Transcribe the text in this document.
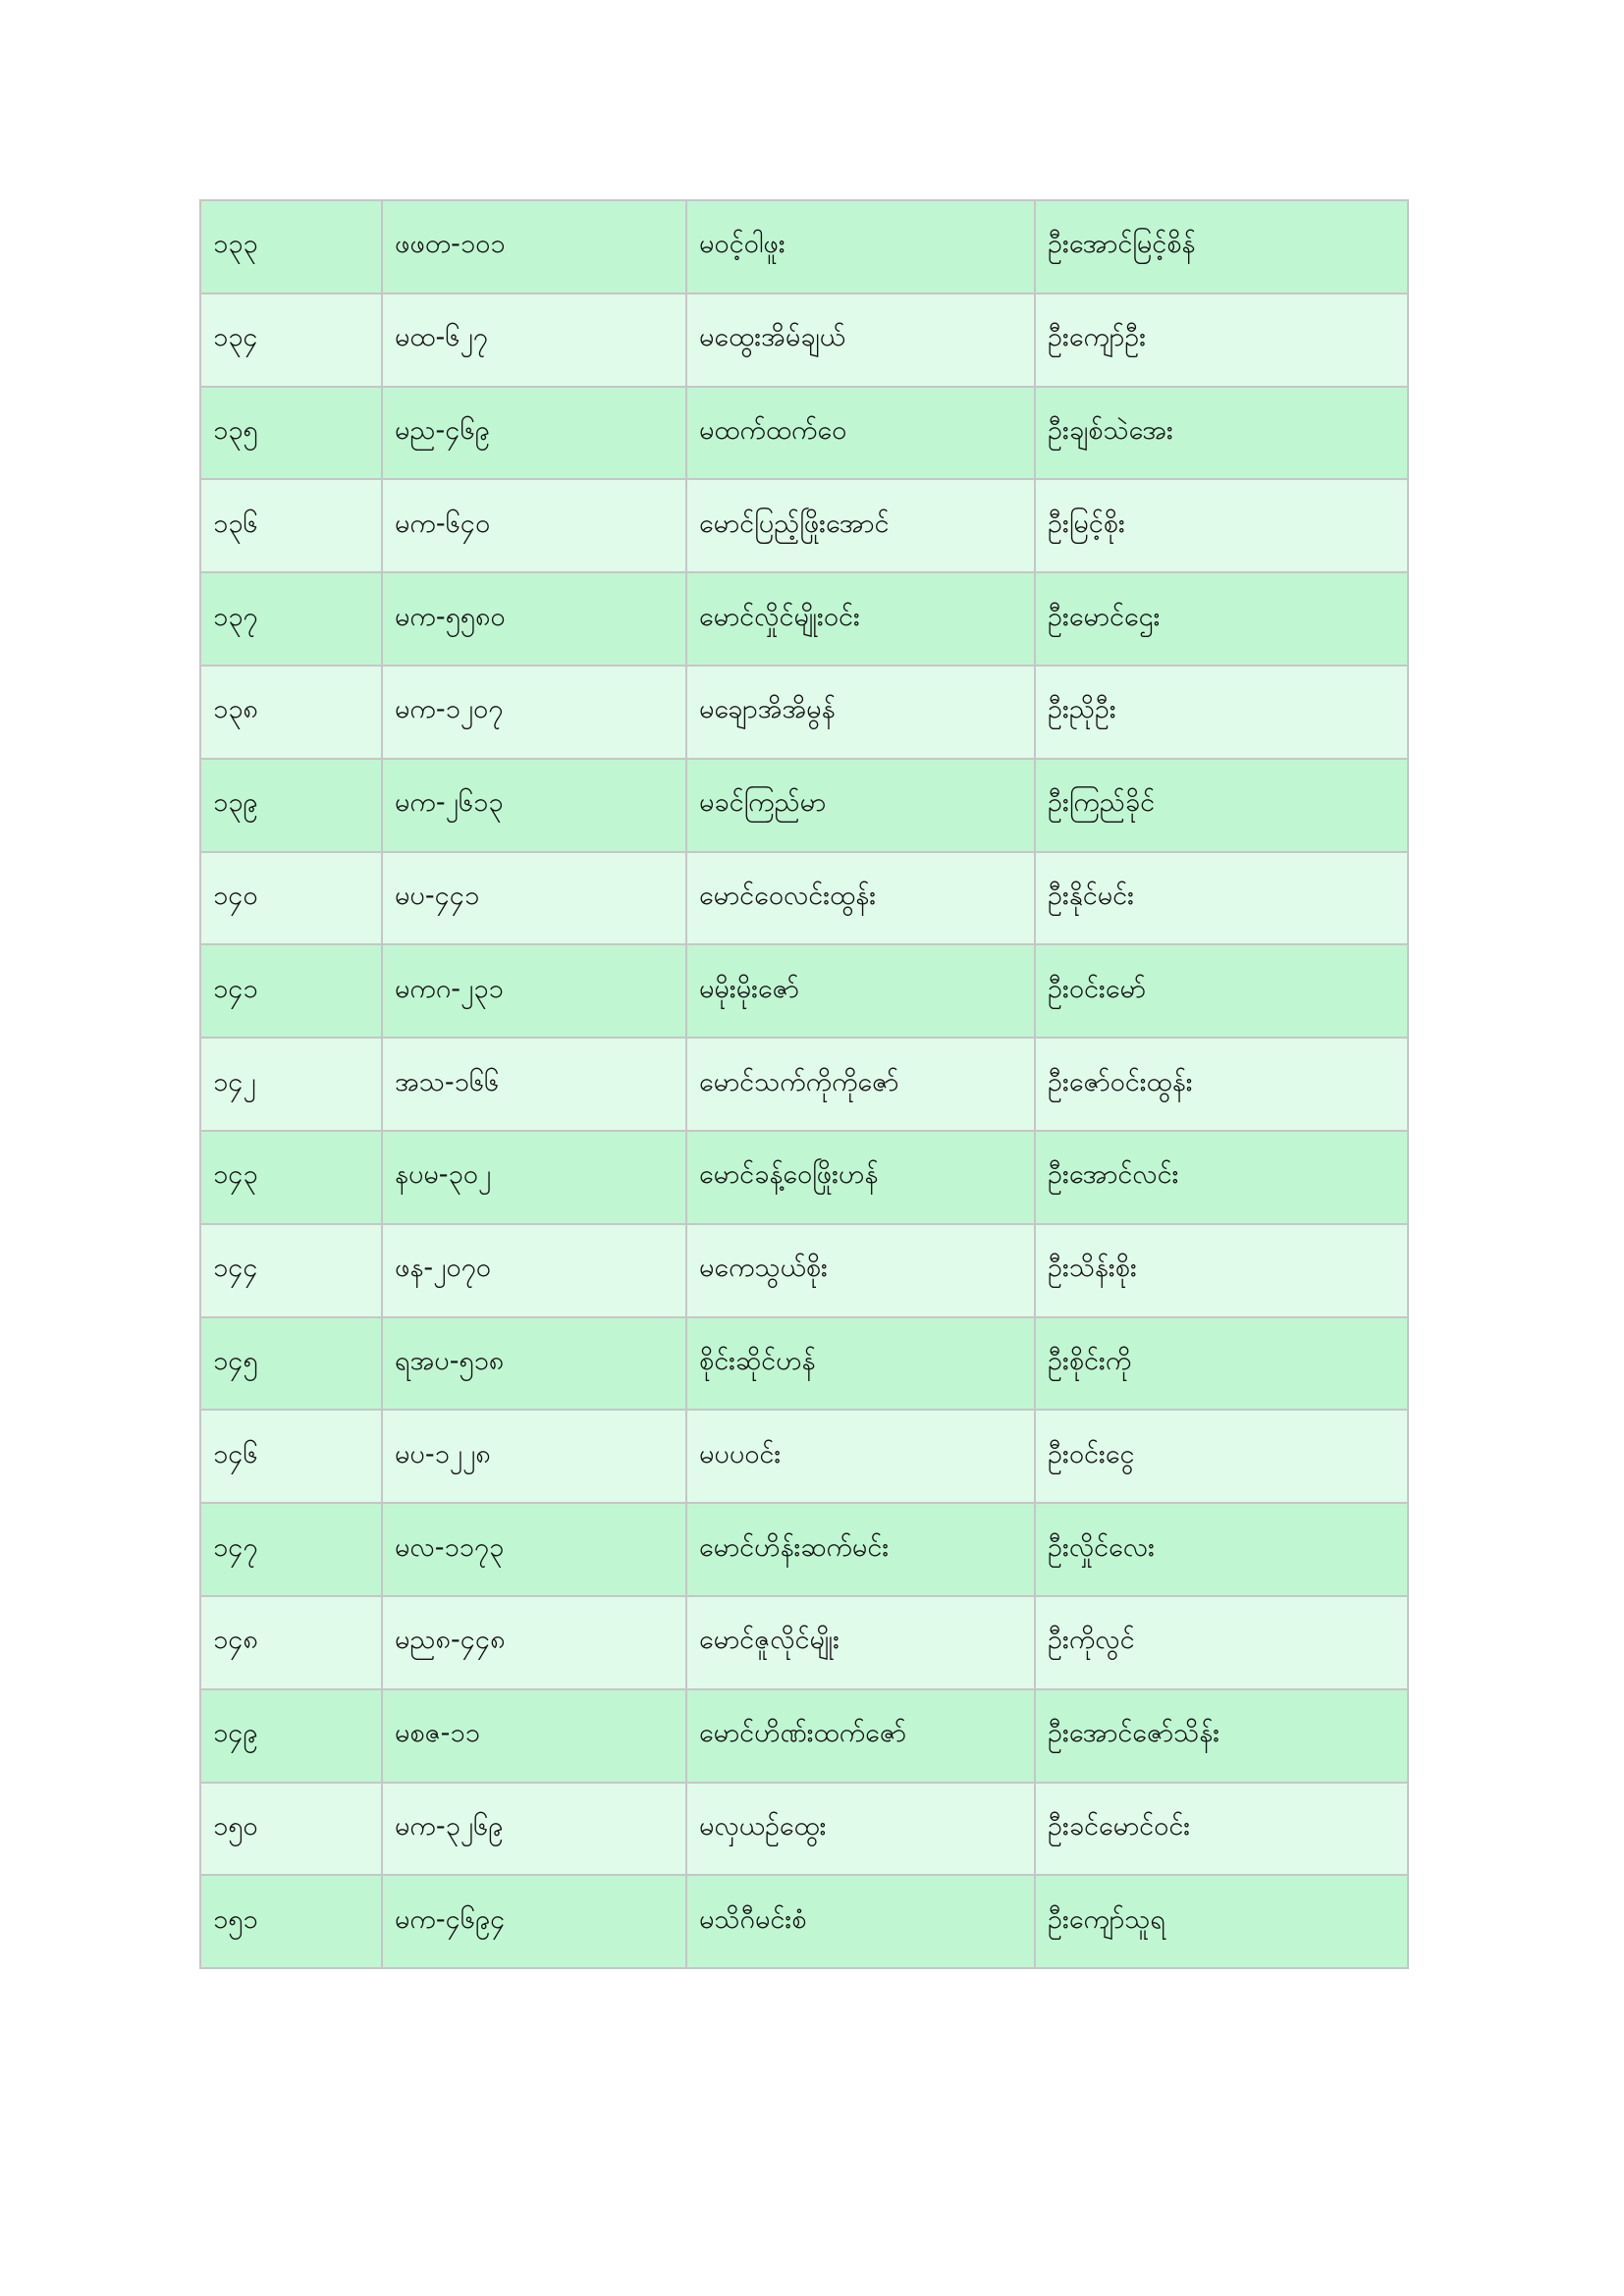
၁၃၃	ဖဖတ-၁၀၁	မဝင့်ဝါဖူး	ဦးအောင်မြင့်စိန်
၁၃၄	မထ-၆၂၇	မထွေးအိမ်ချယ်	ဦးကျော်ဦး
၁၃၅	မည-၄၆၉	မထက်ထက်ဝေ	ဦးချစ်သဲအေး
၁၃၆	မက-၆၄၀	မောင်ပြည့်ဖြိုးအောင်	ဦးမြင့်စိုး
၁၃၇	မက-၅၅၈၀	မောင်လှိုင်မျိုးဝင်း	ဦးမောင်ဌေး
၁၃၈	မက-၁၂၀၇	မချောအိအိမွန်	ဦးညိုဦး
၁၃၉	မက-၂၆၁၃	မခင်ကြည်မာ	ဦးကြည်ခိုင်
၁၄၀	မပ-၄၄၁	မောင်ဝေလင်းထွန်း	ဦးနိုင်မင်း
၁၄၁	မကဂ-၂၃၁	မမိုးမိုးဇော်	ဦးဝင်းမော်
၁၄၂	အသ-၁၆၆	မောင်သက်ကိုကိုဇော်	ဦးဇော်ဝင်းထွန်း
၁၄၃	နပမ-၃၀၂	မောင်ခန့်ဝေဖြိုးဟန်	ဦးအောင်လင်း
၁၄၄	ဖန-၂၀၇၀	မကေသွယ်စိုး	ဦးသိန်းစိုး
၁၄၅	ရအပ-၅၁၈	စိုင်းဆိုင်ဟန်	ဦးစိုင်းကို
၁၄၆	မပ-၁၂၂၈	မပပဝင်း	ဦးဝင်းငွေ
၁၄၇	မလ-၁၁၇၃	မောင်ဟိန်းဆက်မင်း	ဦးလှိုင်လေး
၁၄၈	မည၈-၄၄၈	မောင်ဇူလိုင်မျိုး	ဦးကိုလွင်
၁၄၉	မစဇ-၁၁	မောင်ဟိဏ်းထက်ဇော်	ဦးအောင်ဇော်သိန်း
၁၅၀	မက-၃၂၆၉	မလှယဉ်ထွေး	ဦးခင်မောင်ဝင်း
၁၅၁	မက-၄၆၉၄	မသိဂီမင်းစံ	ဦးကျော်သူရ
